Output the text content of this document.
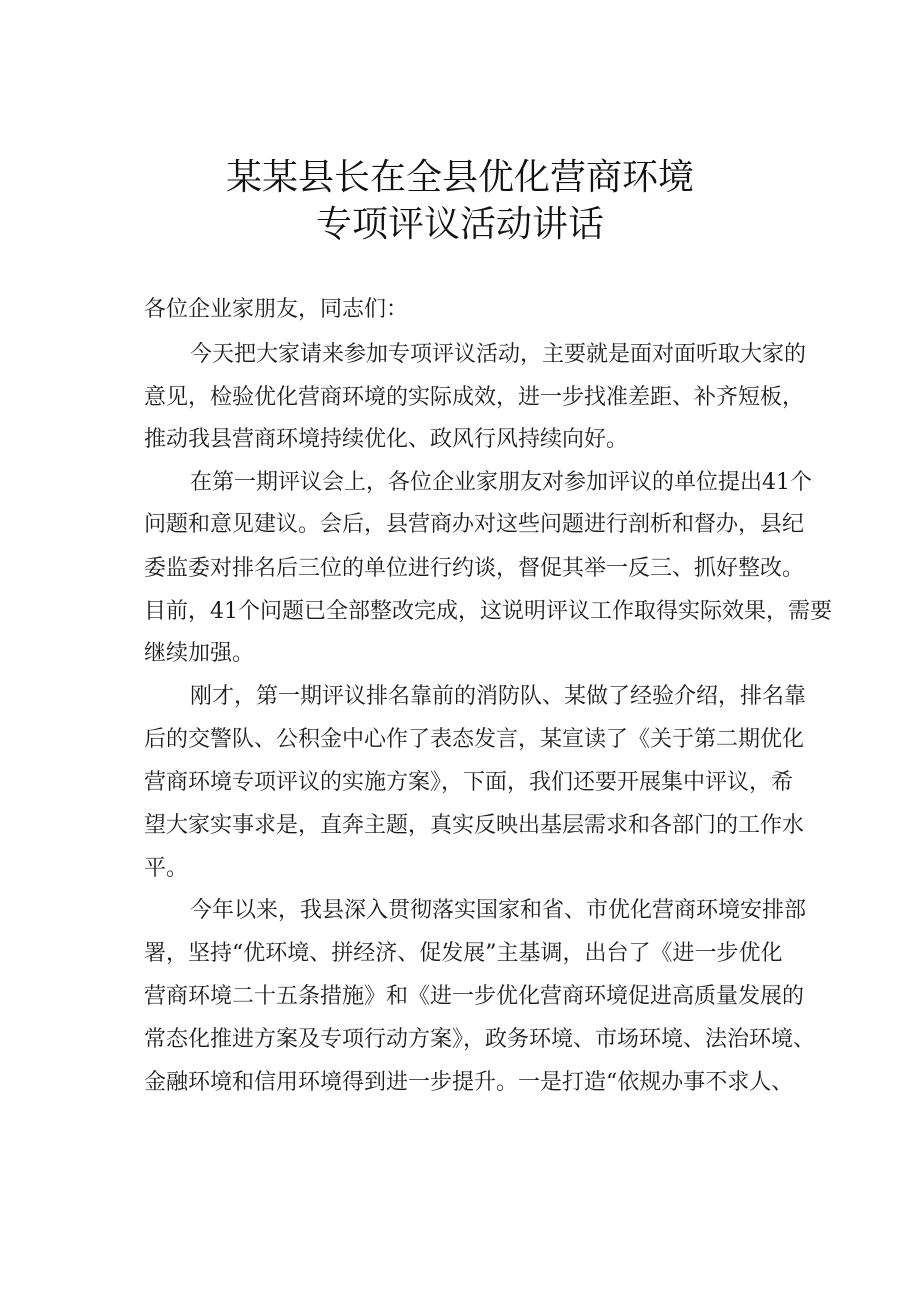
某某县长在全县优化营商环境
专项评议活动讲话
各位企业家朋友，同志们：
今天把大家请来参加专项评议活动，主要就是面对面听取大家的
意见，检验优化营商环境的实际成效，进一步找准差距、补齐短板，
推动我县营商环境持续优化、政风行风持续向好。
在第一期评议会上，各位企业家朋友对参加评议的单位提出41个
问题和意见建议。会后，县营商办对这些问题进行剖析和督办，县纪
委监委对排名后三位的单位进行约谈，督促其举一反三、抓好整改。
目前，41个问题已全部整改完成，这说明评议工作取得实际效果，需要
继续加强。
刚才，第一期评议排名靠前的消防队、某做了经验介绍，排名靠
后的交警队、公积金中心作了表态发言，某宣读了《关于第二期优化
营商环境专项评议的实施方案》，下面，我们还要开展集中评议，希
望大家实事求是，直奔主题，真实反映出基层需求和各部门的工作水
平。
今年以来，我县深入贯彻落实国家和省、市优化营商环境安排部
署，坚持“优环境、拼经济、促发展”主基调，出台了《进一步优化
营商环境二十五条措施》和《进一步优化营商环境促进高质量发展的
常态化推进方案及专项行动方案》，政务环境、市场环境、法治环境、
金融环境和信用环境得到进一步提升。一是打造“依规办事不求人、
